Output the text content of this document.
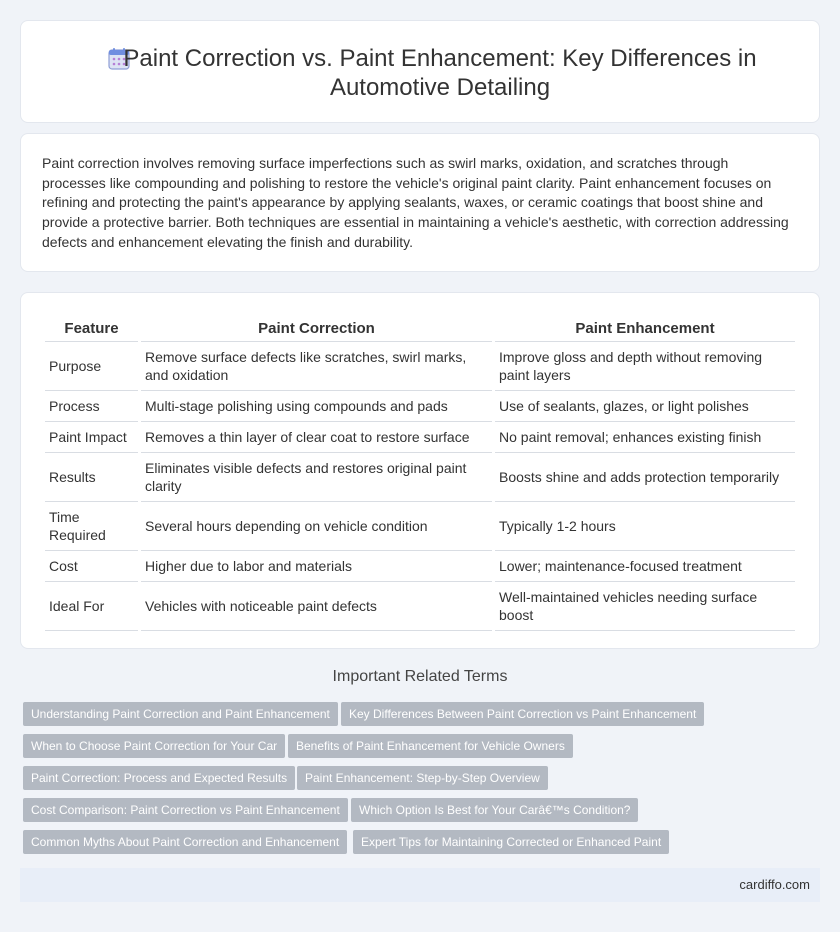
Paint Correction vs. Paint Enhancement: Key Differences in Automotive Detailing
Paint correction involves removing surface imperfections such as swirl marks, oxidation, and scratches through processes like compounding and polishing to restore the vehicle's original paint clarity. Paint enhancement focuses on refining and protecting the paint's appearance by applying sealants, waxes, or ceramic coatings that boost shine and provide a protective barrier. Both techniques are essential in maintaining a vehicle's aesthetic, with correction addressing defects and enhancement elevating the finish and durability.
Feature	Paint Correction	Paint Enhancement
Purpose	Remove surface defects like scratches, swirl marks, and oxidation	Improve gloss and depth without removing paint layers
Process	Multi-stage polishing using compounds and pads	Use of sealants, glazes, or light polishes
Paint Impact	Removes a thin layer of clear coat to restore surface	No paint removal; enhances existing finish
Results	Eliminates visible defects and restores original paint clarity	Boosts shine and adds protection temporarily
Time Required	Several hours depending on vehicle condition	Typically 1-2 hours
Cost	Higher due to labor and materials	Lower; maintenance-focused treatment
Ideal For	Vehicles with noticeable paint defects	Well-maintained vehicles needing surface boost
Important Related Terms
Understanding Paint Correction and Paint Enhancement	Key Differences Between Paint Correction vs Paint Enhancement
When to Choose Paint Correction for Your Car	Benefits of Paint Enhancement for Vehicle Owners
Paint Correction: Process and Expected Results	Paint Enhancement: Step-by-Step Overview
Cost Comparison: Paint Correction vs Paint Enhancement	Which Option Is Best for Your Carâ€™s Condition?
Common Myths About Paint Correction and Enhancement	Expert Tips for Maintaining Corrected or Enhanced Paint
cardiffo.com
